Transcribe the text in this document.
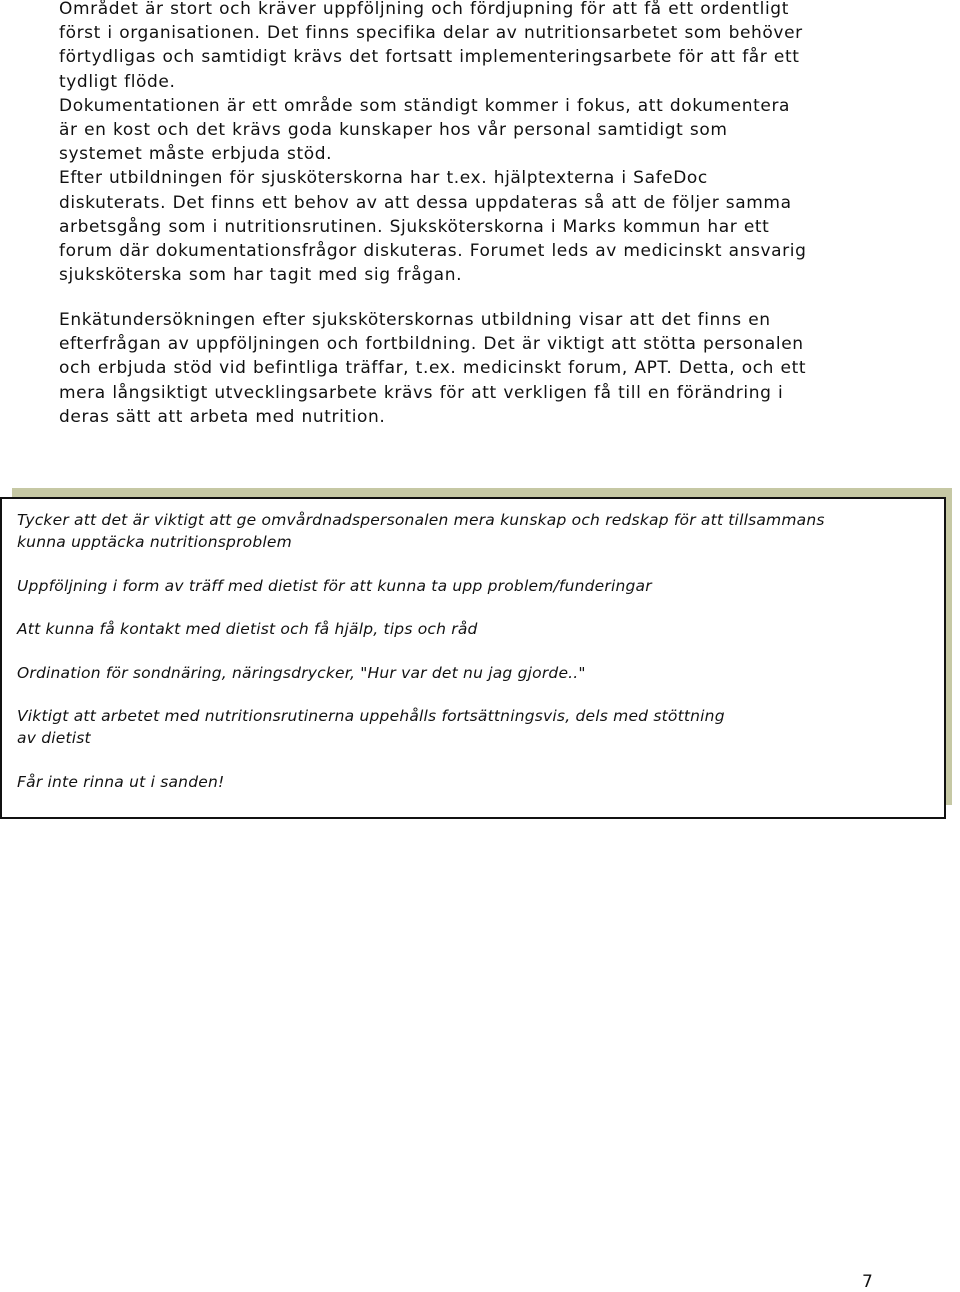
Området är stort och kräver uppföljning och fördjupning för att få ett ordentligt
först i organisationen. Det finns specifika delar av nutritionsarbetet som behöver
förtydligas och samtidigt krävs det fortsatt implementeringsarbete för att får ett
tydligt flöde.
Dokumentationen är ett område som ständigt kommer i fokus, att dokumentera
är en kost och det krävs goda kunskaper hos vår personal samtidigt som
systemet måste erbjuda stöd.
Efter utbildningen för sjusköterskorna har t.ex. hjälptexterna i SafeDoc
diskuterats. Det finns ett behov av att dessa uppdateras så att de följer samma
arbetsgång som i nutritionsrutinen. Sjuksköterskorna i Marks kommun har ett
forum där dokumentationsfrågor diskuteras. Forumet leds av medicinskt ansvarig
sjuksköterska som har tagit med sig frågan.
Enkätundersökningen efter sjuksköterskornas utbildning visar att det finns en
efterfrågan av uppföljningen och fortbildning. Det är viktigt att stötta personalen
och erbjuda stöd vid befintliga träffar, t.ex. medicinskt forum, APT. Detta, och ett
mera långsiktigt utvecklingsarbete krävs för att verkligen få till en förändring i
deras sätt att arbeta med nutrition.

Tycker att det är viktigt att ge omvårdnadspersonalen mera kunskap och redskap för att tillsammans
kunna upptäcka nutritionsproblem

Uppföljning i form av träff med dietist för att kunna ta upp problem/funderingar

Att kunna få kontakt med dietist och få hjälp, tips och råd

Ordination för sondnäring, näringsdrycker, "Hur var det nu jag gjorde.."

Viktigt att arbetet med nutritionsrutinerna uppehålls fortsättningsvis, dels med stöttning
av dietist

Får inte rinna ut i sanden!

7
